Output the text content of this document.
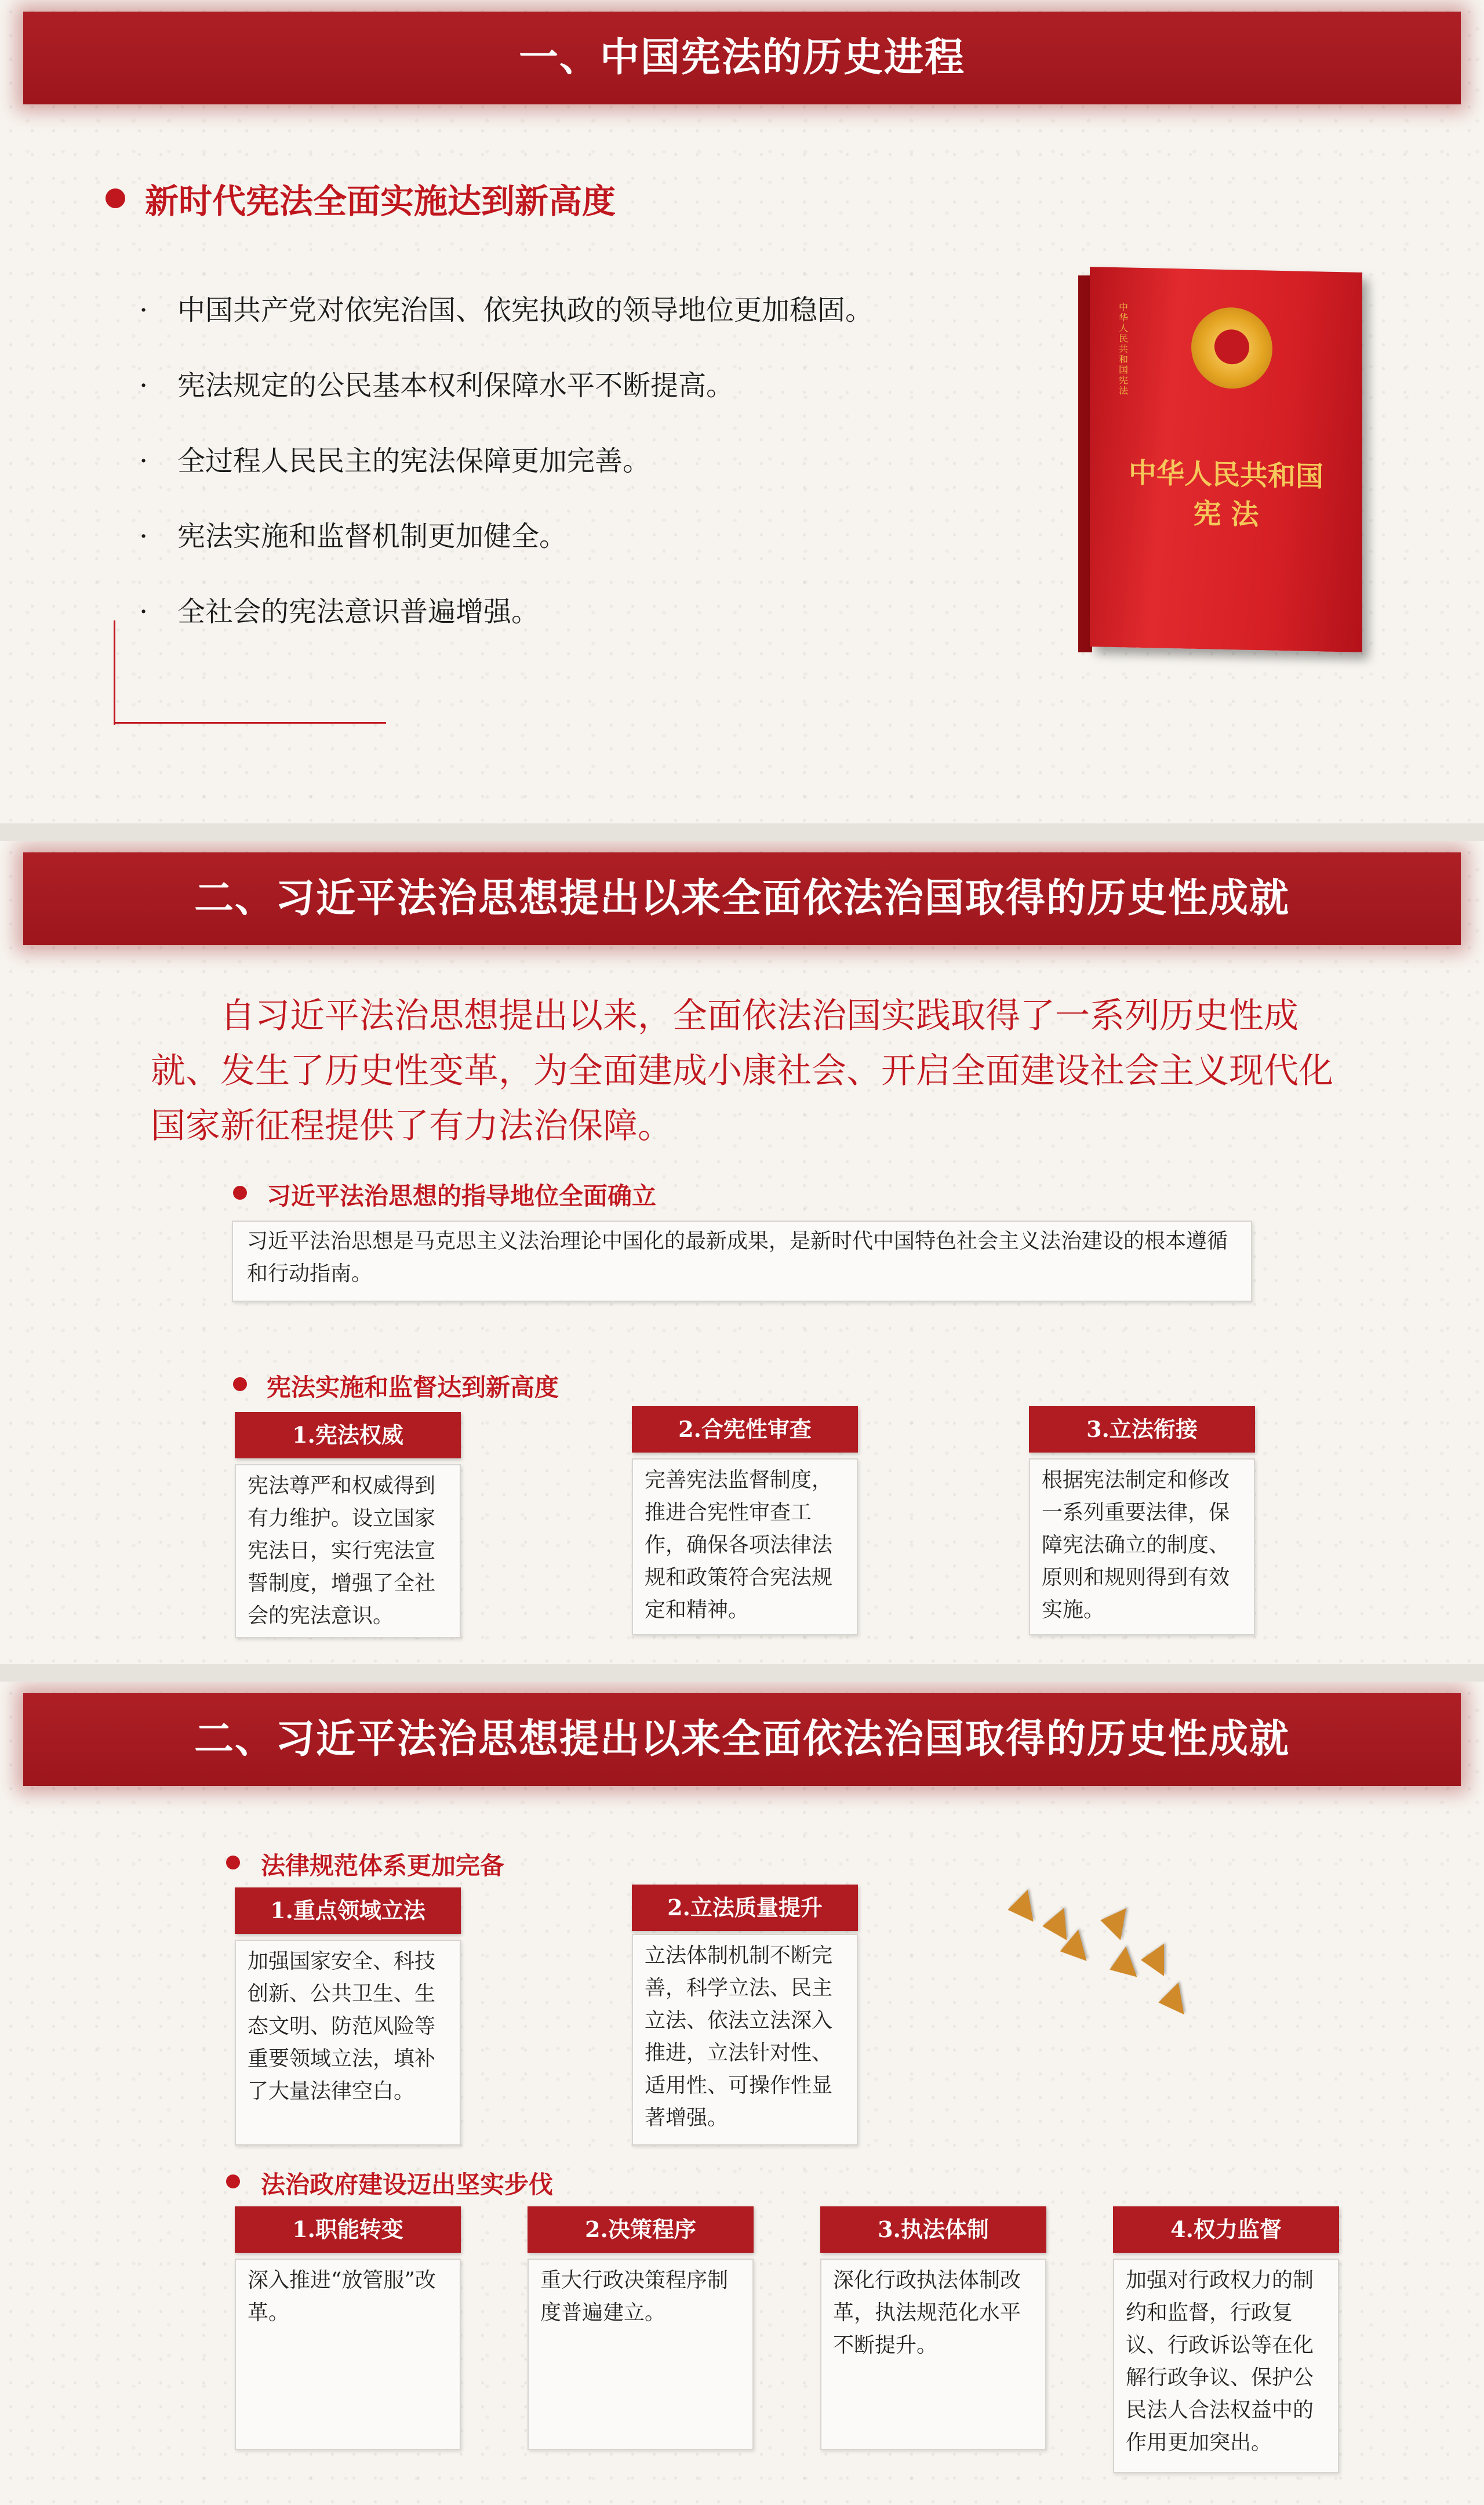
一、中国宪法的历史进程
新时代宪法全面实施达到新高度
· 中国共产党对依宪治国、依宪执政的领导地位更加稳固。
· 宪法规定的公民基本权利保障水平不断提高。
· 全过程人民民主的宪法保障更加完善。
· 宪法实施和监督机制更加健全。
· 全社会的宪法意识普遍增强。
中华人民共和国宪法
中华人民共和国
宪 法
二、习近平法治思想提出以来全面依法治国取得的历史性成就
自习近平法治思想提出以来，全面依法治国实践取得了一系列历史性成就、发生了历史性变革，为全面建成小康社会、开启全面建设社会主义现代化国家新征程提供了有力法治保障。
习近平法治思想的指导地位全面确立
习近平法治思想是马克思主义法治理论中国化的最新成果，是新时代中国特色社会主义法治建设的根本遵循和行动指南。
宪法实施和监督达到新高度
1.宪法权威
宪法尊严和权威得到有力维护。设立国家宪法日，实行宪法宣誓制度，增强了全社会的宪法意识。
2.合宪性审查
完善宪法监督制度，推进合宪性审查工作，确保各项法律法规和政策符合宪法规定和精神。
3.立法衔接
根据宪法制定和修改一系列重要法律，保障宪法确立的制度、原则和规则得到有效实施。
二、习近平法治思想提出以来全面依法治国取得的历史性成就
法律规范体系更加完备
1.重点领域立法
加强国家安全、科技创新、公共卫生、生态文明、防范风险等重要领域立法，填补了大量法律空白。
2.立法质量提升
立法体制机制不断完善，科学立法、民主立法、依法立法深入推进，立法针对性、适用性、可操作性显著增强。
法治政府建设迈出坚实步伐
1.职能转变
深入推进“放管服”改革。
2.决策程序
重大行政决策程序制度普遍建立。
3.执法体制
深化行政执法体制改革，执法规范化水平不断提升。
4.权力监督
加强对行政权力的制约和监督，行政复议、行政诉讼等在化解行政争议、保护公民法人合法权益中的作用更加突出。
